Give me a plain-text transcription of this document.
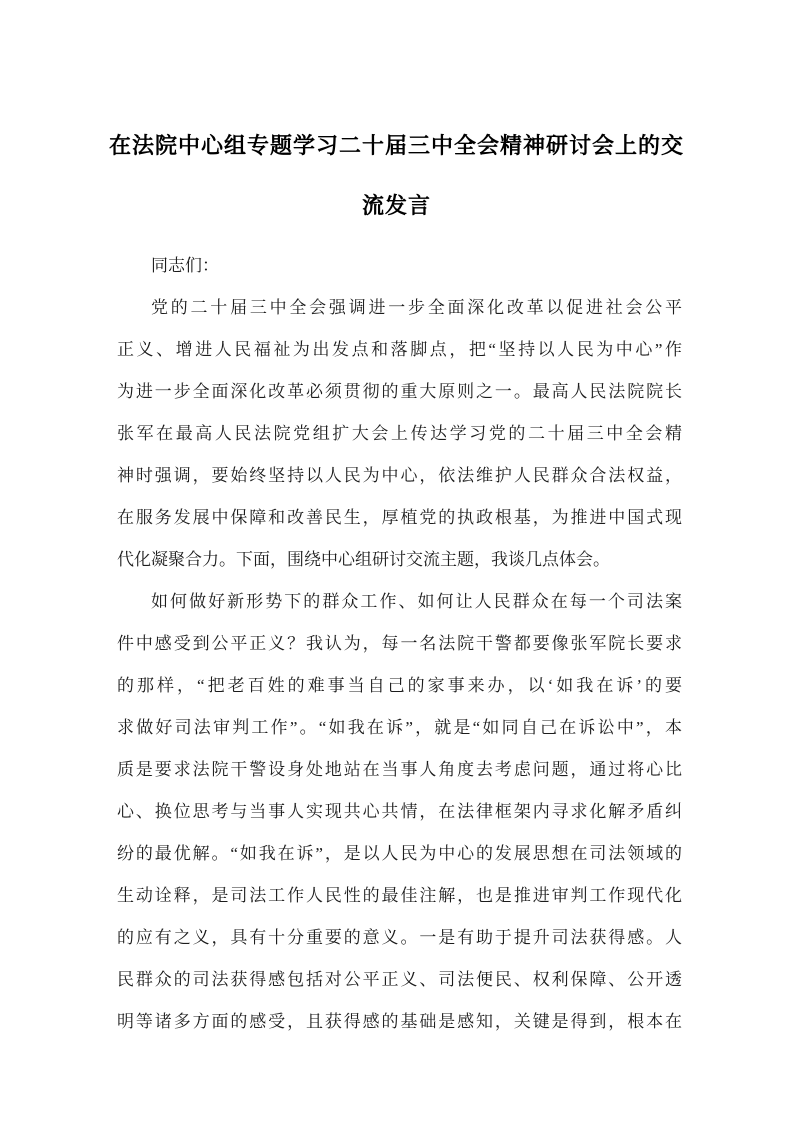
在法院中心组专题学习二十届三中全会精神研讨会上的交
流发言
同志们：
党的二十届三中全会强调进一步全面深化改革以促进社会公平
正义、增进人民福祉为出发点和落脚点，把“坚持以人民为中心”作
为进一步全面深化改革必须贯彻的重大原则之一。最高人民法院院长
张军在最高人民法院党组扩大会上传达学习党的二十届三中全会精
神时强调，要始终坚持以人民为中心，依法维护人民群众合法权益，
在服务发展中保障和改善民生，厚植党的执政根基，为推进中国式现
代化凝聚合力。下面，围绕中心组研讨交流主题，我谈几点体会。
如何做好新形势下的群众工作、如何让人民群众在每一个司法案
件中感受到公平正义？我认为，每一名法院干警都要像张军院长要求
的那样，“把老百姓的难事当自己的家事来办，以‘如我在诉’的要
求做好司法审判工作”。“如我在诉”，就是“如同自己在诉讼中”，本
质是要求法院干警设身处地站在当事人角度去考虑问题，通过将心比
心、换位思考与当事人实现共心共情，在法律框架内寻求化解矛盾纠
纷的最优解。“如我在诉”，是以人民为中心的发展思想在司法领域的
生动诠释，是司法工作人民性的最佳注解，也是推进审判工作现代化
的应有之义，具有十分重要的意义。一是有助于提升司法获得感。人
民群众的司法获得感包括对公平正义、司法便民、权利保障、公开透
明等诸多方面的感受，且获得感的基础是感知，关键是得到，根本在
